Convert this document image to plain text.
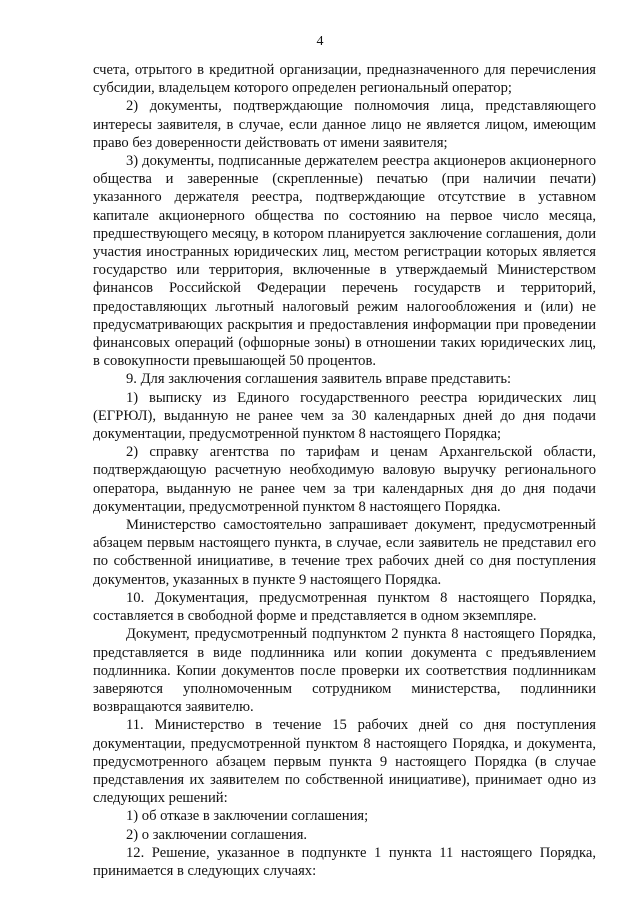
4

счета, отрытого в кредитной организации, предназначенного для перечисления субсидии, владельцем которого определен региональный оператор;

2) документы, подтверждающие полномочия лица, представляющего интересы заявителя, в случае, если данное лицо не является лицом, имеющим право без доверенности действовать от имени заявителя;

3) документы, подписанные держателем реестра акционеров акционерного общества и заверенные (скрепленные) печатью (при наличии печати) указанного держателя реестра, подтверждающие отсутствие в уставном капитале акционерного общества по состоянию на первое число месяца, предшествующего месяцу, в котором планируется заключение соглашения, доли участия иностранных юридических лиц, местом регистрации которых является государство или территория, включенные в утверждаемый Министерством финансов Российской Федерации перечень государств и территорий, предоставляющих льготный налоговый режим налогообложения и (или) не предусматривающих раскрытия и предоставления информации при проведении финансовых операций (офшорные зоны) в отношении таких юридических лиц, в совокупности превышающей 50 процентов.

9. Для заключения соглашения заявитель вправе представить:

1) выписку из Единого государственного реестра юридических лиц (ЕГРЮЛ), выданную не ранее чем за 30 календарных дней до дня подачи документации, предусмотренной пунктом 8 настоящего Порядка;

2) справку агентства по тарифам и ценам Архангельской области, подтверждающую расчетную необходимую валовую выручку регионального оператора, выданную не ранее чем за три календарных дня до дня подачи документации, предусмотренной пунктом 8 настоящего Порядка.

Министерство самостоятельно запрашивает документ, предусмотренный абзацем первым настоящего пункта, в случае, если заявитель не представил его по собственной инициативе, в течение трех рабочих дней со дня поступления документов, указанных в пункте 9 настоящего Порядка.

10. Документация, предусмотренная пунктом 8 настоящего Порядка, составляется в свободной форме и представляется в одном экземпляре.

Документ, предусмотренный подпунктом 2 пункта 8 настоящего Порядка, представляется в виде подлинника или копии документа с предъявлением подлинника. Копии документов после проверки их соответствия подлинникам заверяются уполномоченным сотрудником министерства, подлинники возвращаются заявителю.

11. Министерство в течение 15 рабочих дней со дня поступления документации, предусмотренной пунктом 8 настоящего Порядка, и документа, предусмотренного абзацем первым пункта 9 настоящего Порядка (в случае представления их заявителем по собственной инициативе), принимает одно из следующих решений:

1) об отказе в заключении соглашения;

2) о заключении соглашения.

12. Решение, указанное в подпункте 1 пункта 11 настоящего Порядка, принимается в следующих случаях:
